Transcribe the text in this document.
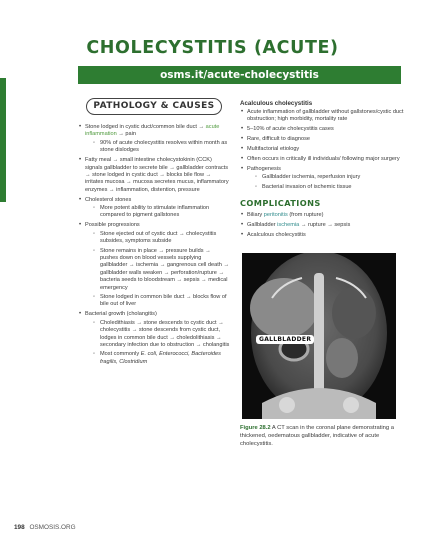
CHOLECYSTITIS (ACUTE)
osms.it/acute-cholecystitis
PATHOLOGY & CAUSES
• Stone lodged in cystic duct/common bile duct → acute inflammation → pain
◦ 90% of acute cholecystitis resolves within month as stone dislodges
• Fatty meal → small intestine cholecystokinin (CCK) signals gallbladder to secrete bile → gallbladder contracts → stone lodged in cystic duct → blocks bile flow → irritates mucosa → mucosa secretes mucus, inflammatory enzymes → inflammation, distention, pressure
• Cholesterol stones
◦ More potent ability to stimulate inflammation compared to pigment gallstones
• Possible progressions
◦ Stone ejected out of cystic duct → cholecystitis subsides, symptoms subside
◦ Stone remains in place → pressure builds → pushes down on blood vessels supplying gallbladder → ischemia → gangrenous cell death → gallbladder walls weaken → perforation/rupture → bacteria seeds to bloodstream → sepsis → medical emergency
◦ Stone lodged in common bile duct → blocks flow of bile out of liver
• Bacterial growth (cholangitis)
◦ Choledithiasis → stone descends to cystic duct → cholecystitis → stone descends from cystic duct, lodges in common bile duct → choledolithiasis → secondary infection due to obstruction → cholangitis
◦ Most commonly E. coli, Enterococci, Bacteroides fragilis, Clostridium
Acalculous cholecystitis
• Acute inflammation of gallbladder without gallstones/cystic duct obstruction; high morbidity, mortality rate
• 5–10% of acute cholecystitis cases
• Rare, difficult to diagnose
• Multifactorial etiology
• Often occurs in critically ill individuals/ following major surgery
• Pathogenesis
◦ Gallbladder ischemia, reperfusion injury
◦ Bacterial invasion of ischemic tissue
COMPLICATIONS
• Biliary peritonitis (from rupture)
• Gallbladder ischemia → rupture → sepsis
• Acalculous cholecystitis
GALLBLADDER
Figure 28.2 A CT scan in the coronal plane demonstrating a thickened, oedematous gallbladder, indicative of acute cholecystitis.
198 OSMOSIS.ORG
